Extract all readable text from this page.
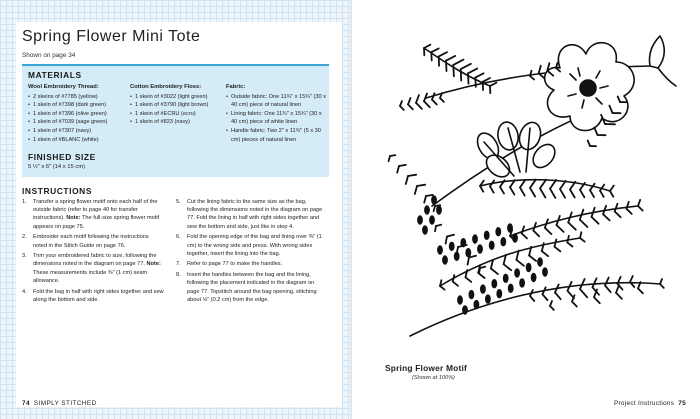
Spring Flower Mini Tote
Shown on page 34
MATERIALS
Wool Embroidery Thread:
• 2 skeins of #7785 (yellow)
• 1 skein of #7398 (dark green)
• 1 skein of #7396 (olive green)
• 1 skein of #7039 (sage green)
• 1 skein of #7307 (navy)
• 1 skein of #BLANC (white)
Cotton Embroidery Floss:
• 1 skein of #3022 (light green)
• 1 skein of #3790 (light brown)
• 1 skein of #ECRU (ecru)
• 1 skein of #823 (navy)
Fabric:
• Outside fabric: One 11¾" x 15¾" (30 x 40 cm) piece of natural linen
• Lining fabric: One 11¾" x 15¾" (30 x 40 cm) piece of white linen
• Handle fabric: Two 2" x 11¾" (5 x 30 cm) pieces of natural linen
FINISHED SIZE
5 ½" x 6" (14 x 15 cm)
INSTRUCTIONS
1. Transfer a spring flower motif onto each half of the outside fabric (refer to page 40 for transfer instructions). Note: The full-size spring flower motif appears on page 75.
2. Embroider each motif following the instructions noted in the Stitch Guide on page 76.
3. Trim your embroidered fabric to size, following the dimensions noted in the diagram on page 77. Note: These measurements include ⅜" (1 cm) seam allowance.
4. Fold the bag in half with right sides together and sew along the bottom and side.
5. Cut the lining fabric to the same size as the bag, following the dimensions noted in the diagram on page 77. Fold the lining in half with right sides together and sew the bottom and side, just like in step 4.
6. Fold the opening edge of the bag and lining over ⅜" (1 cm) to the wrong side and press. With wrong sides together, insert the lining into the bag.
7. Refer to page 77 to make the handles.
8. Insert the handles between the bag and the lining, following the placement indicated in the diagram on page 77. Topstitch around the bag opening, stitching about ⅛" (0.2 cm) from the edge.
74 SIMPLY STITCHED
Spring Flower Motif
(Shown at 100%)
Project Instructions 75
